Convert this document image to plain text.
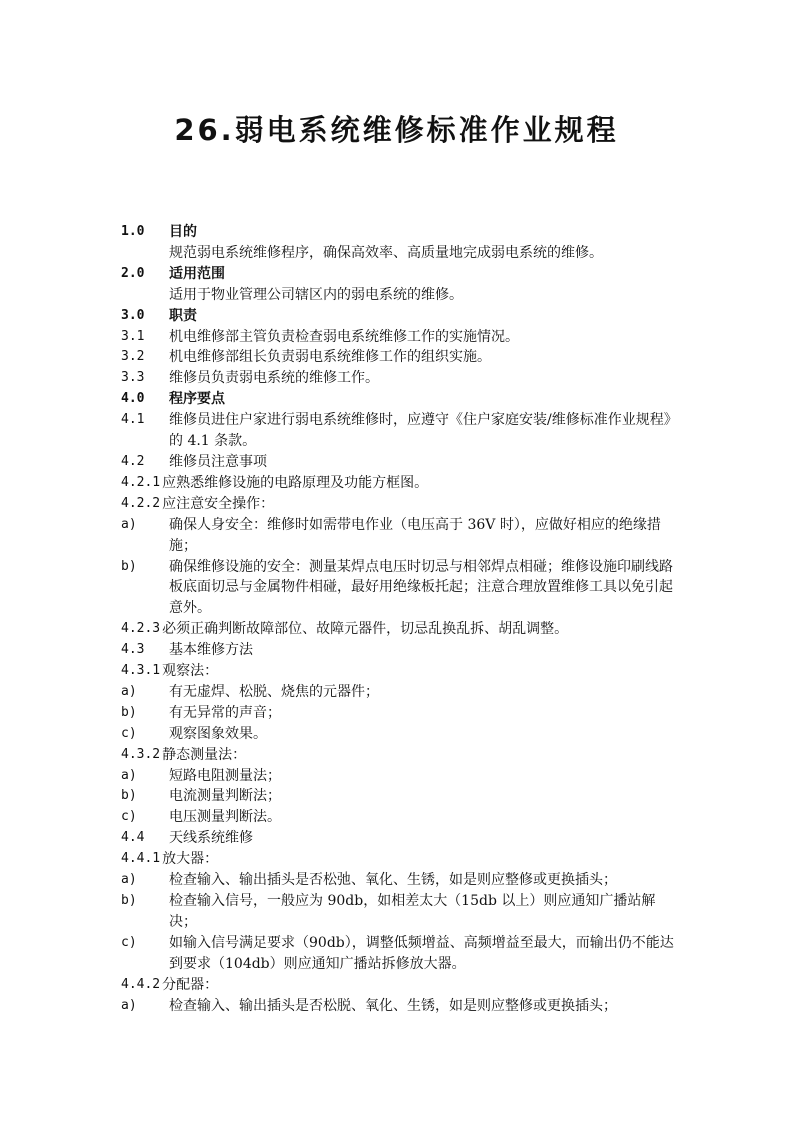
26.弱电系统维修标准作业规程
1.0	目的
规范弱电系统维修程序，确保高效率、高质量地完成弱电系统的维修。
2.0	适用范围
适用于物业管理公司辖区内的弱电系统的维修。
3.0	职责
3.1	机电维修部主管负责检查弱电系统维修工作的实施情况。
3.2	机电维修部组长负责弱电系统维修工作的组织实施。
3.3	维修员负责弱电系统的维修工作。
4.0	程序要点
4.1	维修员进住户家进行弱电系统维修时，应遵守《住户家庭安装/维修标准作业规程》的 4.1 条款。
4.2	维修员注意事项
4.2.1 应熟悉维修设施的电路原理及功能方框图。
4.2.2 应注意安全操作：
a)	确保人身安全：维修时如需带电作业（电压高于 36V 时），应做好相应的绝缘措施；
b)	确保维修设施的安全：测量某焊点电压时切忌与相邻焊点相碰；维修设施印刷线路板底面切忌与金属物件相碰，最好用绝缘板托起；注意合理放置维修工具以免引起意外。
4.2.3 必须正确判断故障部位、故障元器件，切忌乱换乱拆、胡乱调整。
4.3	基本维修方法
4.3.1 观察法：
a)	有无虚焊、松脱、烧焦的元器件；
b)	有无异常的声音；
c)	观察图象效果。
4.3.2 静态测量法：
a)	短路电阻测量法；
b)	电流测量判断法；
c)	电压测量判断法。
4.4	天线系统维修
4.4.1 放大器：
a)	检查输入、输出插头是否松弛、氧化、生锈，如是则应整修或更换插头；
b)	检查输入信号，一般应为 90db，如相差太大（15db 以上）则应通知广播站解决；
c)	如输入信号满足要求（90db），调整低频增益、高频增益至最大，而输出仍不能达到要求（104db）则应通知广播站拆修放大器。
4.4.2 分配器：
a)	检查输入、输出插头是否松脱、氧化、生锈，如是则应整修或更换插头；
